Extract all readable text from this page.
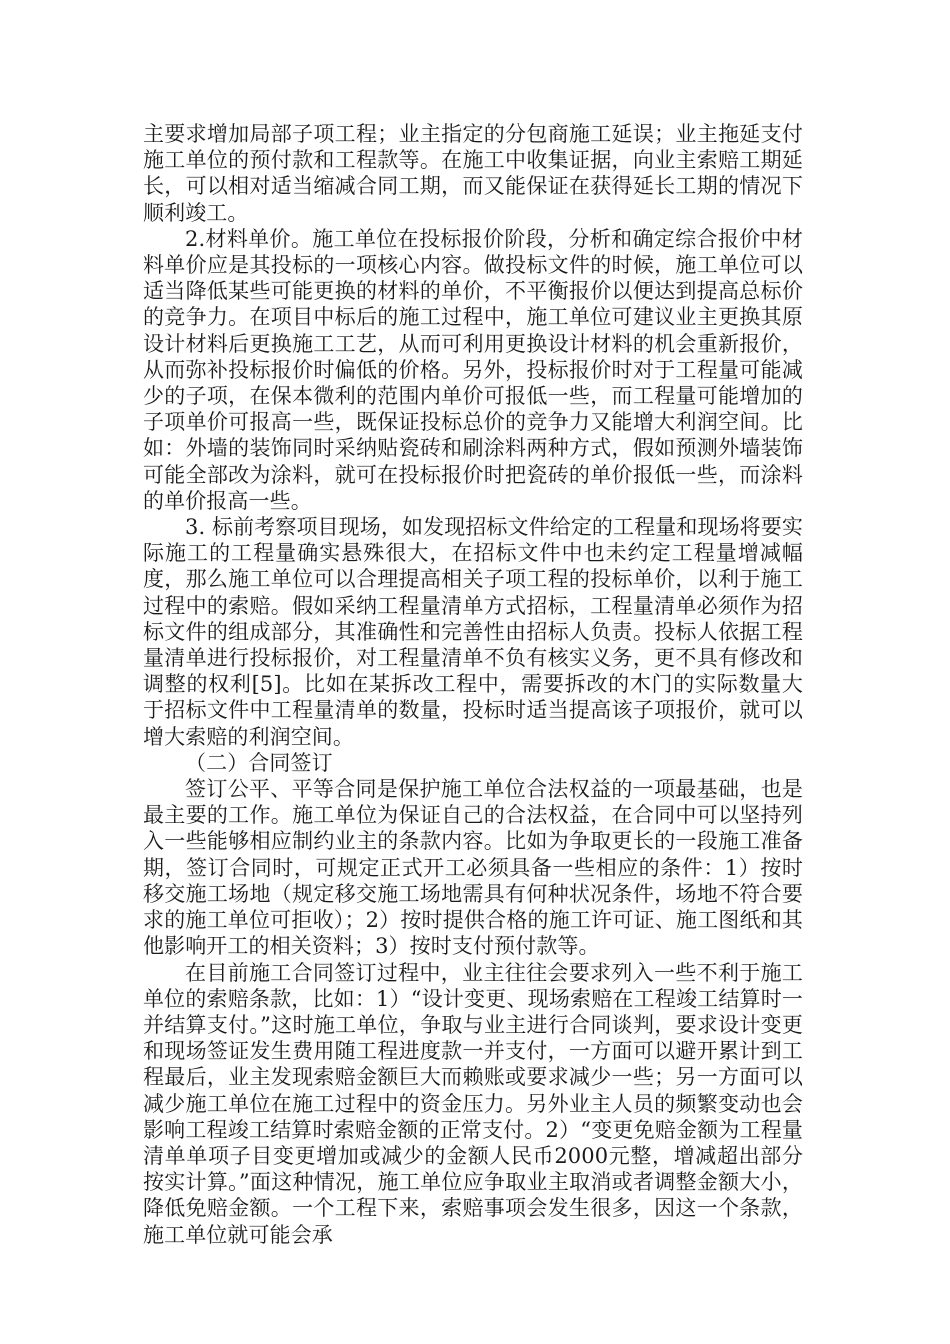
主要求增加局部子项工程；业主指定的分包商施工延误；业主拖延支付施工单位的预付款和工程款等。在施工中收集证据，向业主索赔工期延长，可以相对适当缩减合同工期，而又能保证在获得延长工期的情况下顺利竣工。

2.材料单价。施工单位在投标报价阶段，分析和确定综合报价中材料单价应是其投标的一项核心内容。做投标文件的时候，施工单位可以适当降低某些可能更换的材料的单价，不平衡报价以便达到提高总标价的竞争力。在项目中标后的施工过程中，施工单位可建议业主更换其原设计材料后更换施工工艺，从而可利用更换设计材料的机会重新报价，从而弥补投标报价时偏低的价格。另外，投标报价时对于工程量可能减少的子项，在保本微利的范围内单价可报低一些，而工程量可能增加的子项单价可报高一些，既保证投标总价的竞争力又能增大利润空间。比如：外墙的装饰同时采纳贴瓷砖和刷涂料两种方式，假如预测外墙装饰可能全部改为涂料，就可在投标报价时把瓷砖的单价报低一些，而涂料的单价报高一些。

3. 标前考察项目现场，如发现招标文件给定的工程量和现场将要实际施工的工程量确实悬殊很大，在招标文件中也未约定工程量增减幅度，那么施工单位可以合理提高相关子项工程的投标单价，以利于施工过程中的索赔。假如采纳工程量清单方式招标，工程量清单必须作为招标文件的组成部分，其准确性和完善性由招标人负责。投标人依据工程量清单进行投标报价，对工程量清单不负有核实义务，更不具有修改和调整的权利[5]。比如在某拆改工程中，需要拆改的木门的实际数量大于招标文件中工程量清单的数量，投标时适当提高该子项报价，就可以增大索赔的利润空间。

（二）合同签订

签订公平、平等合同是保护施工单位合法权益的一项最基础，也是最主要的工作。施工单位为保证自己的合法权益，在合同中可以坚持列入一些能够相应制约业主的条款内容。比如为争取更长的一段施工准备期，签订合同时，可规定正式开工必须具备一些相应的条件：1）按时移交施工场地（规定移交施工场地需具有何种状况条件，场地不符合要求的施工单位可拒收）；2）按时提供合格的施工许可证、施工图纸和其他影响开工的相关资料；3）按时支付预付款等。

在目前施工合同签订过程中，业主往往会要求列入一些不利于施工单位的索赔条款，比如：1）“设计变更、现场索赔在工程竣工结算时一并结算支付。”这时施工单位，争取与业主进行合同谈判，要求设计变更和现场签证发生费用随工程进度款一并支付，一方面可以避开累计到工程最后，业主发现索赔金额巨大而赖账或要求减少一些；另一方面可以减少施工单位在施工过程中的资金压力。另外业主人员的频繁变动也会影响工程竣工结算时索赔金额的正常支付。2）“变更免赔金额为工程量清单单项子目变更增加或减少的金额人民币2000元整，增减超出部分按实计算。”面这种情况，施工单位应争取业主取消或者调整金额大小，降低免赔金额。一个工程下来，索赔事项会发生很多，因这一个条款，施工单位就可能会承
